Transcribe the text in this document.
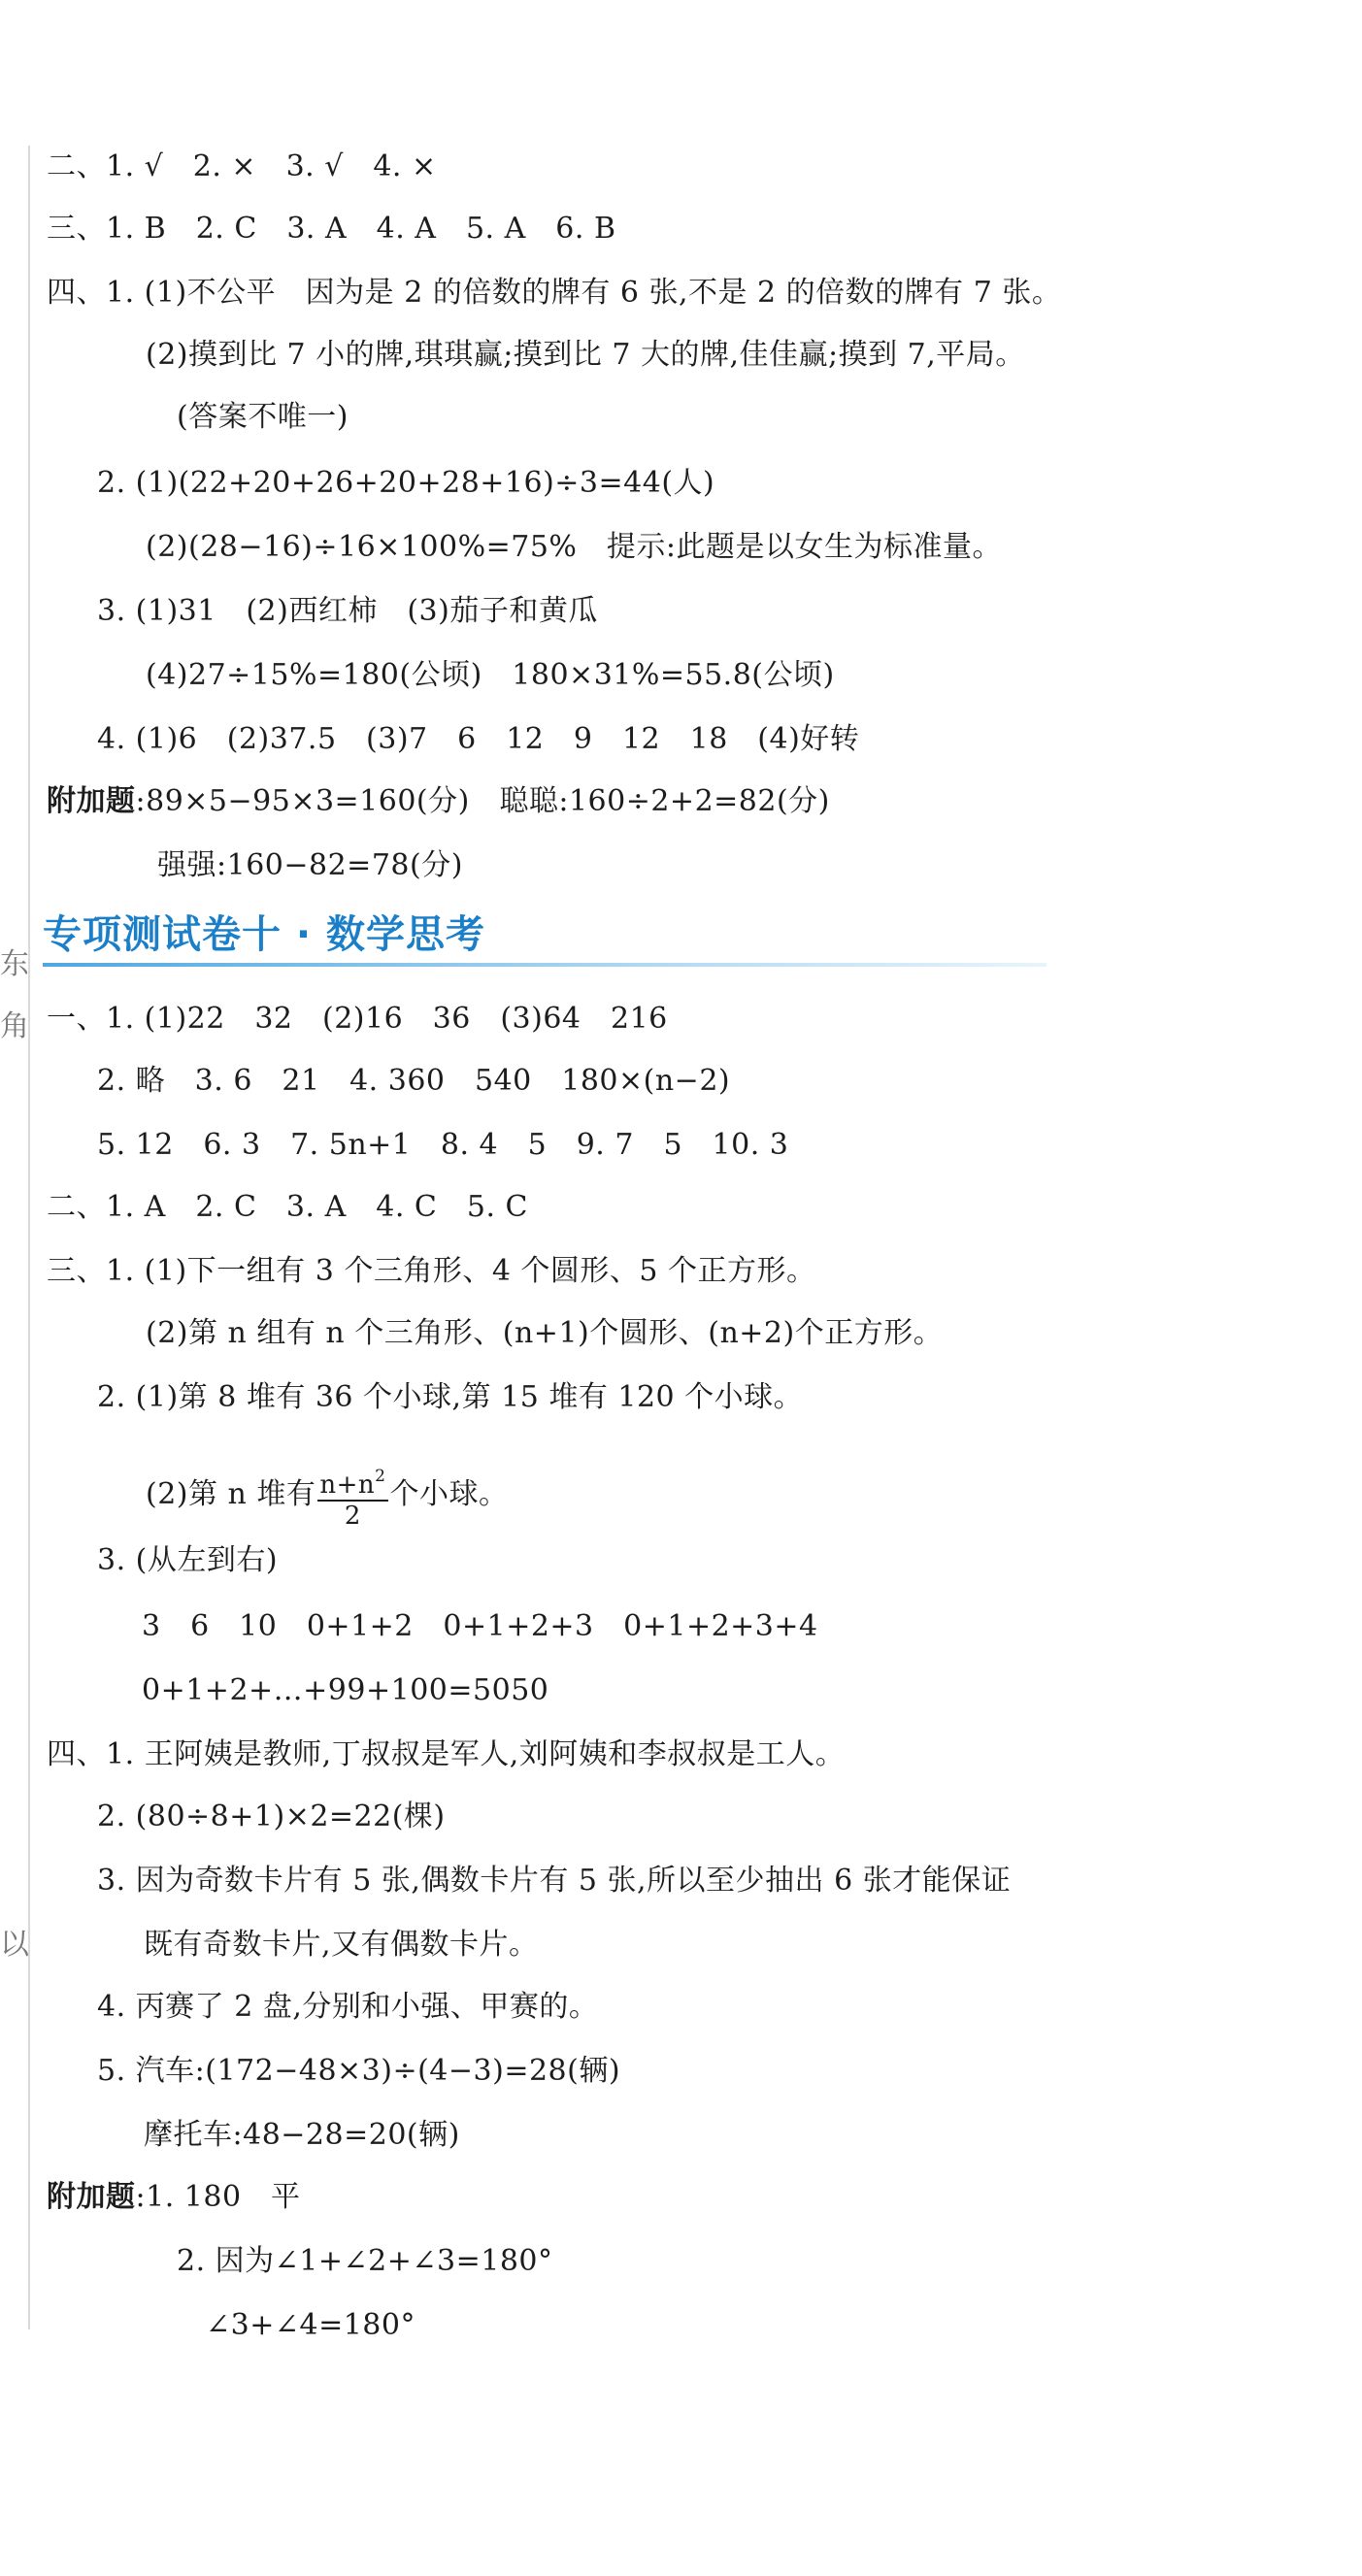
东
角
以
二、1. √　2. ×　3. √　4. ×
三、1. B　2. C　3. A　4. A　5. A　6. B
四、1. (1)不公平　因为是 2 的倍数的牌有 6 张,不是 2 的倍数的牌有 7 张。
(2)摸到比 7 小的牌,琪琪赢;摸到比 7 大的牌,佳佳赢;摸到 7,平局。
(答案不唯一)
2. (1)(22+20+26+20+28+16)÷3=44(人)
(2)(28−16)÷16×100%=75%　提示:此题是以女生为标准量。
3. (1)31　(2)西红柿　(3)茄子和黄瓜
(4)27÷15%=180(公顷)　180×31%=55.8(公顷)
4. (1)6　(2)37.5　(3)7　6　12　9　12　18　(4)好转
附加题:89×5−95×3=160(分)　聪聪:160÷2+2=82(分)
强强:160−82=78(分)
专项测试卷十 · 数学思考
一、1. (1)22　32　(2)16　36　(3)64　216
2. 略　3. 6　21　4. 360　540　180×(n−2)
5. 12　6. 3　7. 5n+1　8. 4　5　9. 7　5　10. 3
二、1. A　2. C　3. A　4. C　5. C
三、1. (1)下一组有 3 个三角形、4 个圆形、5 个正方形。
(2)第 n 组有 n 个三角形、(n+1)个圆形、(n+2)个正方形。
2. (1)第 8 堆有 36 个小球,第 15 堆有 120 个小球。
(2)第 n 堆有 $\frac{n+n^2}{2}$ 个小球。
3. (从左到右)
3　6　10　0+1+2　0+1+2+3　0+1+2+3+4
0+1+2+…+99+100=5050
四、1. 王阿姨是教师,丁叔叔是军人,刘阿姨和李叔叔是工人。
2. (80÷8+1)×2=22(棵)
3. 因为奇数卡片有 5 张,偶数卡片有 5 张,所以至少抽出 6 张才能保证
既有奇数卡片,又有偶数卡片。
4. 丙赛了 2 盘,分别和小强、甲赛的。
5. 汽车:(172−48×3)÷(4−3)=28(辆)
摩托车:48−28=20(辆)
附加题:1. 180　平
2. 因为∠1+∠2+∠3=180°
∠3+∠4=180°
